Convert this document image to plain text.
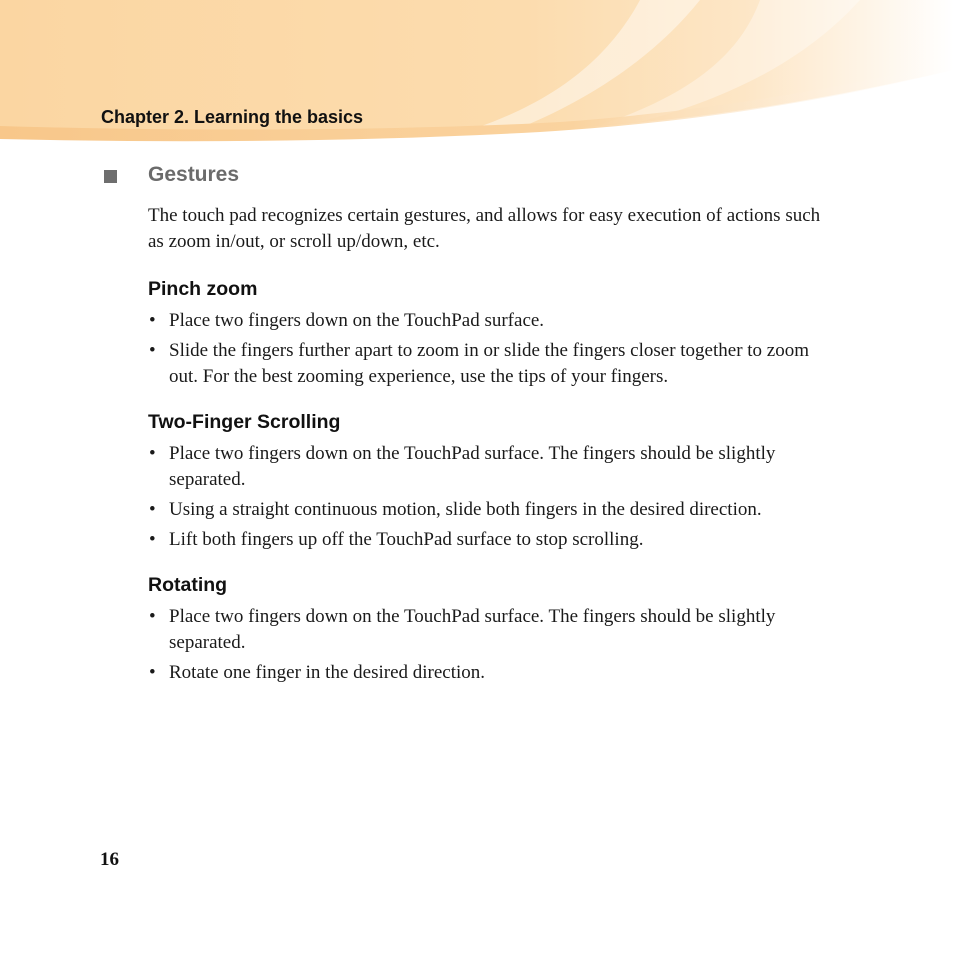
Chapter 2. Learning the basics
Gestures

The touch pad recognizes certain gestures, and allows for easy execution of actions such as zoom in/out, or scroll up/down, etc.

Pinch zoom
• Place two fingers down on the TouchPad surface.
• Slide the fingers further apart to zoom in or slide the fingers closer together to zoom out. For the best zooming experience, use the tips of your fingers.
Two-Finger Scrolling
• Place two fingers down on the TouchPad surface. The fingers should be slightly separated.
• Using a straight continuous motion, slide both fingers in the desired direction.
• Lift both fingers up off the TouchPad surface to stop scrolling.
Rotating
• Place two fingers down on the TouchPad surface. The fingers should be slightly separated.
• Rotate one finger in the desired direction.
16
